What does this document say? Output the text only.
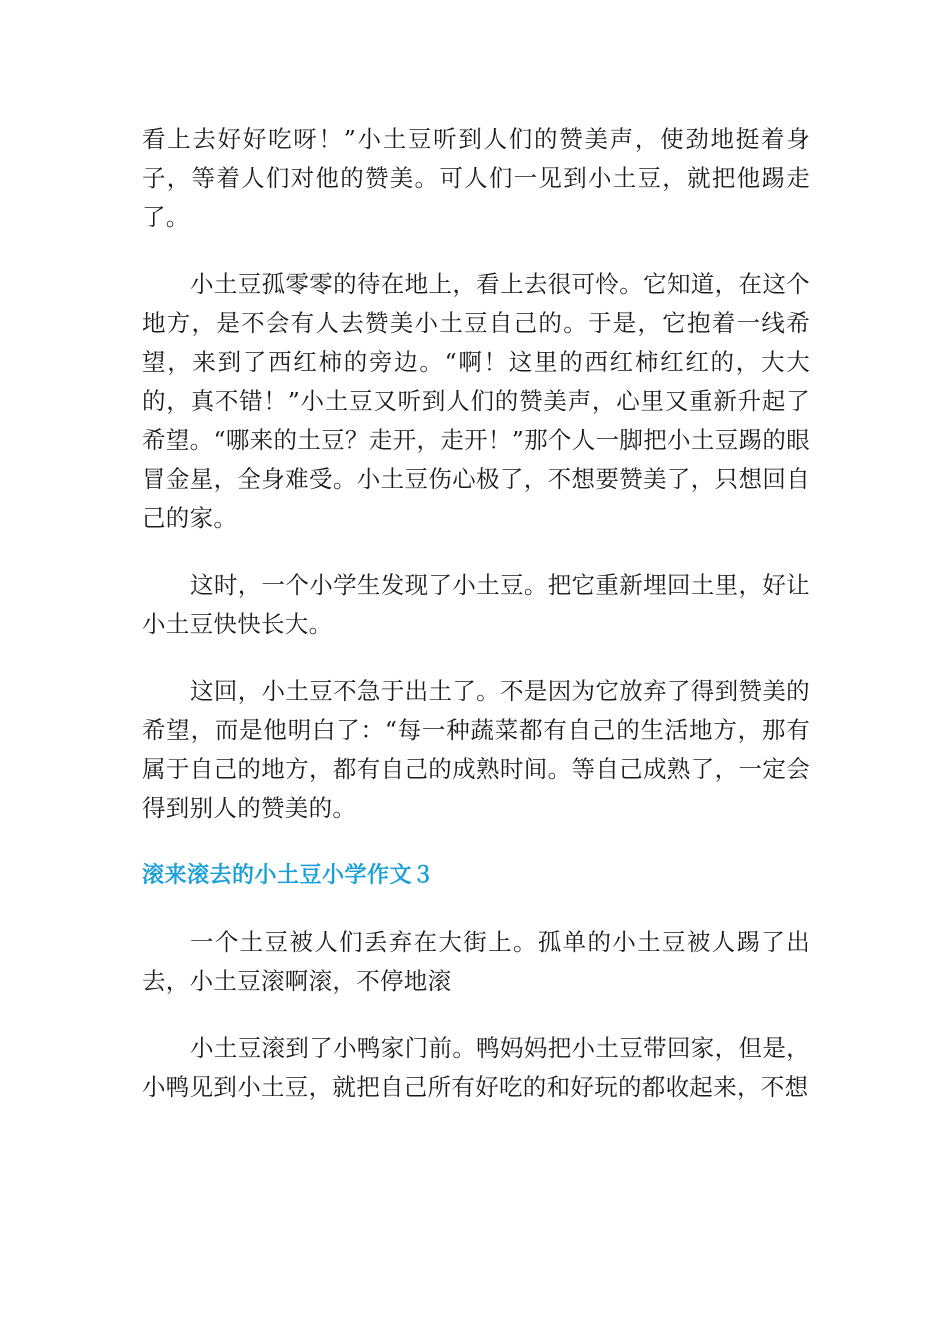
看上去好好吃呀！”小土豆听到人们的赞美声，使劲地挺着身子，等着人们对他的赞美。可人们一见到小土豆，就把他踢走了。

小土豆孤零零的待在地上，看上去很可怜。它知道，在这个地方，是不会有人去赞美小土豆自己的。于是，它抱着一线希望，来到了西红柿的旁边。“啊！这里的西红柿红红的，大大的，真不错！”小土豆又听到人们的赞美声，心里又重新升起了希望。“哪来的土豆？走开，走开！”那个人一脚把小土豆踢的眼冒金星，全身难受。小土豆伤心极了，不想要赞美了，只想回自己的家。

这时，一个小学生发现了小土豆。把它重新埋回土里，好让小土豆快快长大。

这回，小土豆不急于出土了。不是因为它放弃了得到赞美的希望，而是他明白了：“每一种蔬菜都有自己的生活地方，那有属于自己的地方，都有自己的成熟时间。等自己成熟了，一定会得到别人的赞美的。

滚来滚去的小土豆小学作文３

一个土豆被人们丢弃在大街上。孤单的小土豆被人踢了出去，小土豆滚啊滚，不停地滚

小土豆滚到了小鸭家门前。鸭妈妈把小土豆带回家，但是，小鸭见到小土豆，就把自己所有好吃的和好玩的都收起来，不想
